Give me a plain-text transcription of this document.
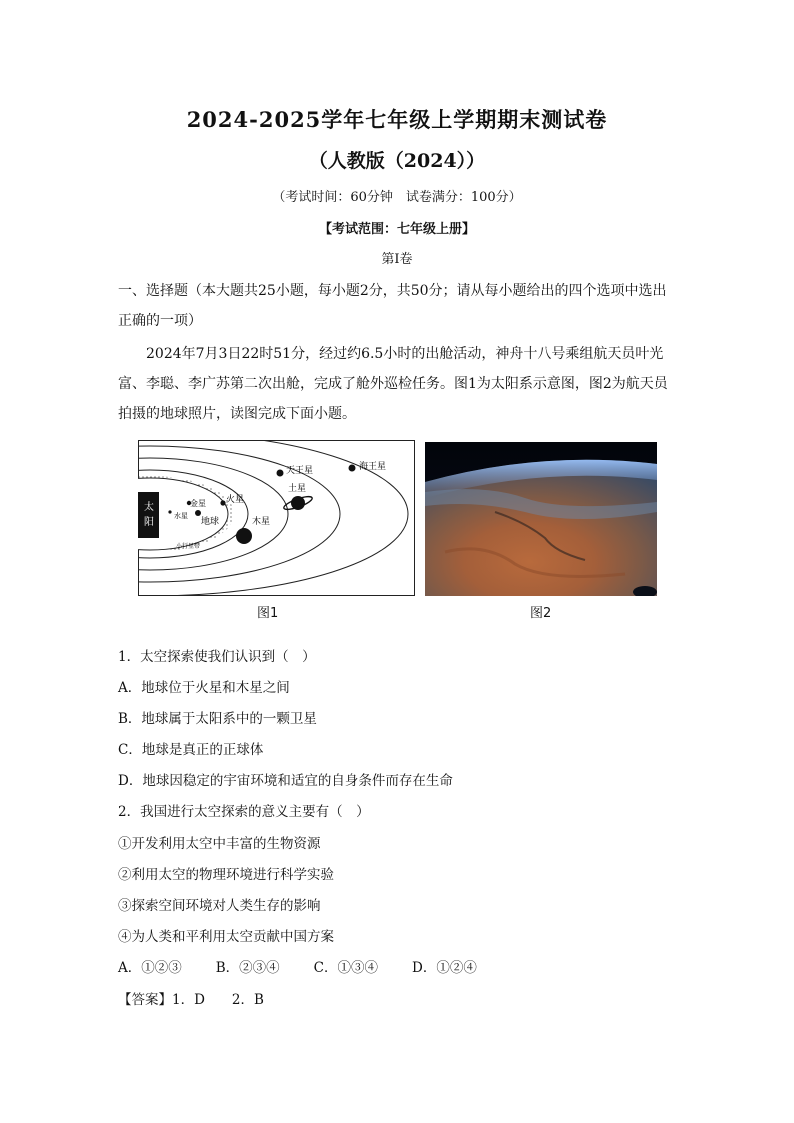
2024-2025学年七年级上学期期末测试卷
（人教版（2024））
（考试时间：60分钟　试卷满分：100分）
【考试范围：七年级上册】
第I卷
一、选择题（本大题共25小题，每小题2分，共50分；请从每小题给出的四个选项中选出正确的一项）
2024年7月3日22时51分，经过约6.5小时的出舱活动，神舟十八号乘组航天员叶光富、李聪、李广苏第二次出舱，完成了舱外巡检任务。图1为太阳系示意图，图2为航天员拍摄的地球照片，读图完成下面小题。
太
阳
水星
金星
地球
火星
小行星带
木星
土星
天王星	海王星
图1	图2
1．太空探索使我们认识到（　）
A．地球位于火星和木星之间
B．地球属于太阳系中的一颗卫星
C．地球是真正的正球体
D．地球因稳定的宇宙环境和适宜的自身条件而存在生命
2．我国进行太空探索的意义主要有（　）
①开发利用太空中丰富的生物资源
②利用太空的物理环境进行科学实验
③探索空间环境对人类生存的影响
④为人类和平利用太空贡献中国方案
A．①②③	B．②③④	C．①③④	D．①②④
【答案】1．D　　2．B
